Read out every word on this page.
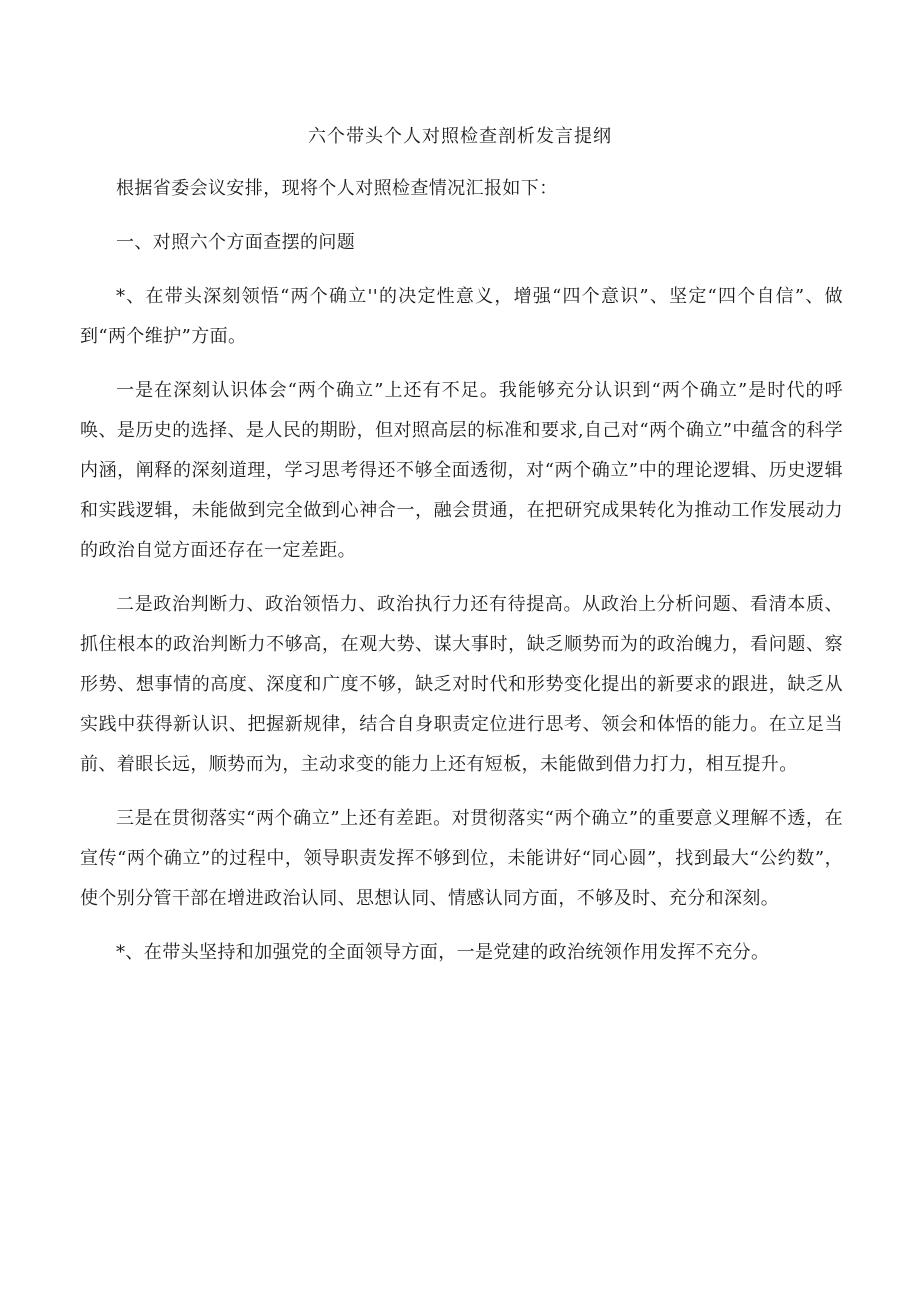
六个带头个人对照检查剖析发言提纲

根据省委会议安排，现将个人对照检查情况汇报如下：

一、对照六个方面查摆的问题

*、在带头深刻领悟“两个确立''的决定性意义，增强“四个意识”、坚定“四个自信”、做到“两个维护”方面。

一是在深刻认识体会“两个确立”上还有不足。我能够充分认识到“两个确立”是时代的呼唤、是历史的选择、是人民的期盼，但对照高层的标准和要求,自己对“两个确立”中蕴含的科学内涵，阐释的深刻道理，学习思考得还不够全面透彻，对“两个确立”中的理论逻辑、历史逻辑和实践逻辑，未能做到完全做到心神合一，融会贯通，在把研究成果转化为推动工作发展动力的政治自觉方面还存在一定差距。

二是政治判断力、政治领悟力、政治执行力还有待提高。从政治上分析问题、看清本质、抓住根本的政治判断力不够高，在观大势、谋大事时，缺乏顺势而为的政治魄力，看问题、察形势、想事情的高度、深度和广度不够，缺乏对时代和形势变化提出的新要求的跟进，缺乏从实践中获得新认识、把握新规律，结合自身职责定位进行思考、领会和体悟的能力。在立足当前、着眼长远，顺势而为，主动求变的能力上还有短板，未能做到借力打力，相互提升。

三是在贯彻落实“两个确立”上还有差距。对贯彻落实“两个确立”的重要意义理解不透，在宣传“两个确立”的过程中，领导职责发挥不够到位，未能讲好“同心圆”，找到最大“公约数”，使个别分管干部在增进政治认同、思想认同、情感认同方面，不够及时、充分和深刻。

*、在带头坚持和加强党的全面领导方面，一是党建的政治统领作用发挥不充分。
